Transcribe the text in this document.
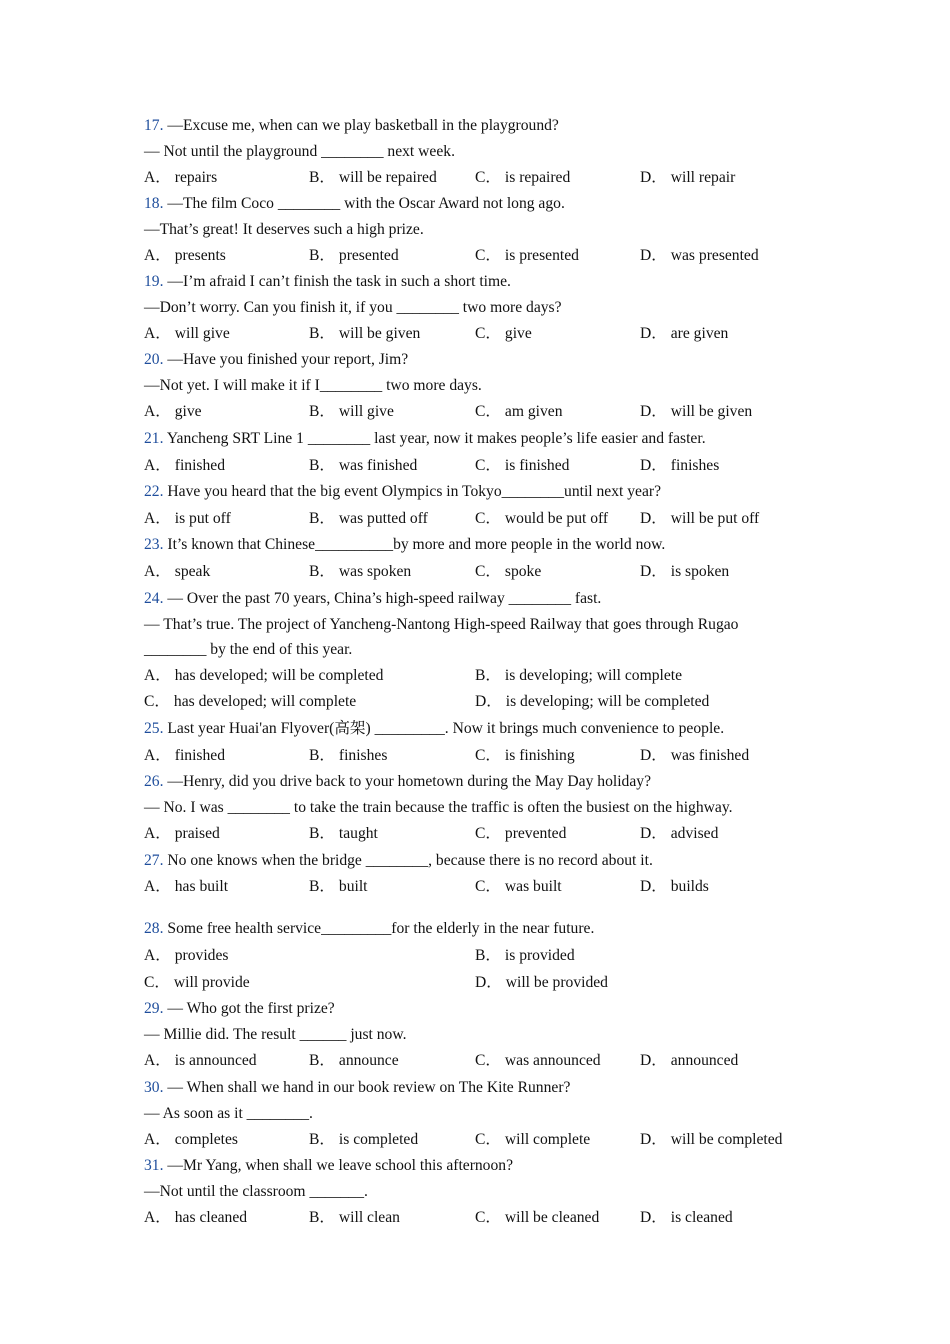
17. —Excuse me, when can we play basketball in the playground?
— Not until the playground ________ next week.
A． repairs	B． will be repaired C． is repaired	D． will repair
18. —The film Coco ________ with the Oscar Award not long ago.
—That’s great! It deserves such a high prize.
A． presents	B． presented	C． is presented	D． was presented
19. —I’m afraid I can’t finish the task in such a short time.
—Don’t worry. Can you finish it, if you ________ two more days?
A． will give	B． will be given	C． give	D． are given
20. —Have you finished your report, Jim?
—Not yet. I will make it if I________ two more days.
A． give	B． will give	C． am given	D． will be given
21. Yancheng SRT Line 1 ________ last year, now it makes people’s life easier and faster.
A． finished	B． was finished	C． is finished	D． finishes
22. Have you heard that the big event Olympics in Tokyo________until next year?
A． is put off	B． was putted off	C． would be put off D． will be put off
23. It’s known that Chinese__________by more and more people in the world now.
A． speak	B． was spoken	C． spoke	D． is spoken
24. — Over the past 70 years, China’s high-speed railway ________ fast.
— That’s true. The project of Yancheng-Nantong High-speed Railway that goes through Rugao
________ by the end of this year.
A． has developed; will be completed	B． is developing; will complete
C． has developed; will complete	D． is developing; will be completed
25. Last year Huai'an Flyover(高架) _________. Now it brings much convenience to people.
A． finished	B． finishes	C． is finishing	D． was finished
26. —Henry, did you drive back to your hometown during the May Day holiday?
— No. I was ________ to take the train because the traffic is often the busiest on the highway.
A． praised	B． taught	C． prevented	D． advised
27. No one knows when the bridge ________, because there is no record about it.
A． has built	B． built	C． was built	D． builds
28. Some free health service_________for the elderly in the near future.
A． provides	B． is provided
C． will provide	D． will be provided
29. — Who got the first prize?
— Millie did. The result ______ just now.
A． is announced	B． announce	C． was announced	D． announced
30. — When shall we hand in our book review on The Kite Runner?
— As soon as it ________.
A． completes	B． is completed	C． will complete	D． will be completed
31. —Mr Yang, when shall we leave school this afternoon?
—Not until the classroom _______.
A． has cleaned	B． will clean	C． will be cleaned	D． is cleaned
